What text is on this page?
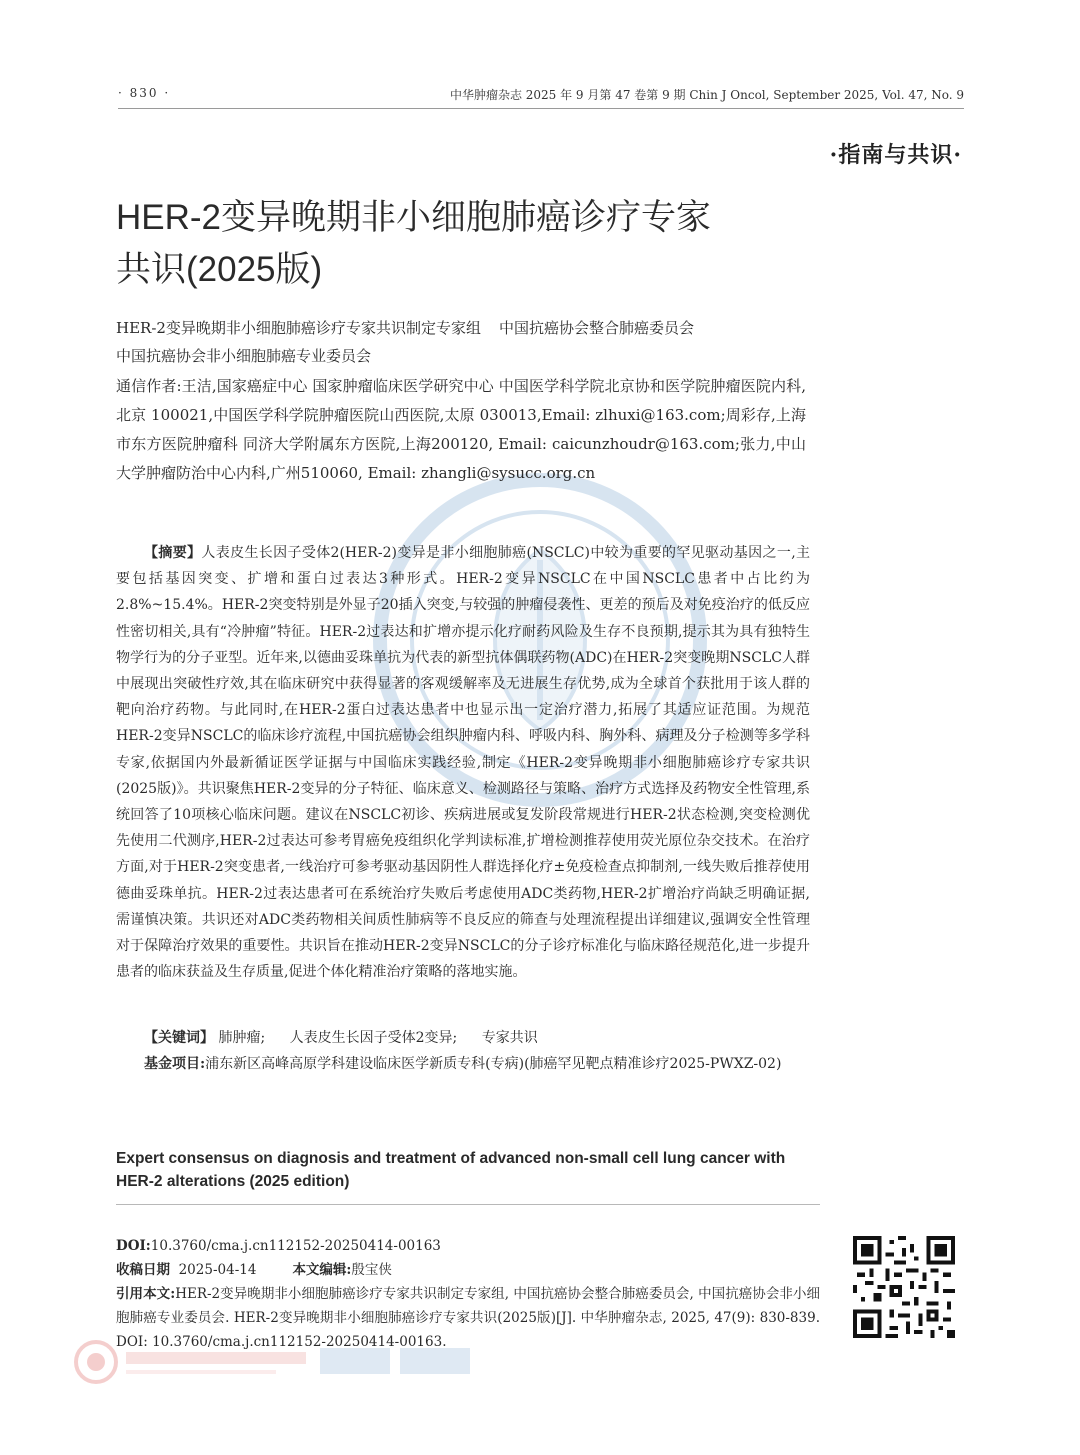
· 830 ·	中华肿瘤杂志 2025 年 9 月第 47 卷第 9 期 Chin J Oncol, September 2025, Vol. 47, No. 9
·指南与共识·
HER-2变异晚期非小细胞肺癌诊疗专家
共识(2025版)
HER-2变异晚期非小细胞肺癌诊疗专家共识制定专家组 中国抗癌协会整合肺癌委员会
中国抗癌协会非小细胞肺癌专业委员会
通信作者:王洁,国家癌症中心 国家肿瘤临床医学研究中心 中国医学科学院北京协和医学院肿瘤医院内科,北京 100021,中国医学科学院肿瘤医院山西医院,太原 030013,Email: zlhuxi@163.com;周彩存,上海市东方医院肿瘤科 同济大学附属东方医院,上海200120, Email: caicunzhoudr@163.com;张力,中山大学肿瘤防治中心内科,广州510060, Email: zhangli@sysucc.org.cn
【摘要】人表皮生长因子受体2(HER-2)变异是非小细胞肺癌(NSCLC)中较为重要的罕见驱动基因之一,主要包括基因突变、扩增和蛋白过表达3种形式。HER-2变异NSCLC在中国NSCLC患者中占比约为2.8%~15.4%。HER-2突变特别是外显子20插入突变,与较强的肿瘤侵袭性、更差的预后及对免疫治疗的低反应性密切相关,具有“冷肿瘤”特征。HER-2过表达和扩增亦提示化疗耐药风险及生存不良预期,提示其为具有独特生物学行为的分子亚型。近年来,以德曲妥珠单抗为代表的新型抗体偶联药物(ADC)在HER-2突变晚期NSCLC人群中展现出突破性疗效,其在临床研究中获得显著的客观缓解率及无进展生存优势,成为全球首个获批用于该人群的靶向治疗药物。与此同时,在HER-2蛋白过表达患者中也显示出一定治疗潜力,拓展了其适应证范围。为规范HER-2变异NSCLC的临床诊疗流程,中国抗癌协会组织肿瘤内科、呼吸内科、胸外科、病理及分子检测等多学科专家,依据国内外最新循证医学证据与中国临床实践经验,制定《HER-2变异晚期非小细胞肺癌诊疗专家共识(2025版)》。共识聚焦HER-2变异的分子特征、临床意义、检测路径与策略、治疗方式选择及药物安全性管理,系统回答了10项核心临床问题。建议在NSCLC初诊、疾病进展或复发阶段常规进行HER-2状态检测,突变检测优先使用二代测序,HER-2过表达可参考胃癌免疫组织化学判读标准,扩增检测推荐使用荧光原位杂交技术。在治疗方面,对于HER-2突变患者,一线治疗可参考驱动基因阴性人群选择化疗±免疫检查点抑制剂,一线失败后推荐使用德曲妥珠单抗。HER-2过表达患者可在系统治疗失败后考虑使用ADC类药物,HER-2扩增治疗尚缺乏明确证据,需谨慎决策。共识还对ADC类药物相关间质性肺病等不良反应的筛查与处理流程提出详细建议,强调安全性管理对于保障治疗效果的重要性。共识旨在推动HER-2变异NSCLC的分子诊疗标准化与临床路径规范化,进一步提升患者的临床获益及生存质量,促进个体化精准治疗策略的落地实施。
【关键词】 肺肿瘤; 人表皮生长因子受体2变异; 专家共识
基金项目:浦东新区高峰高原学科建设临床医学新质专科(专病)(肺癌罕见靶点精准诊疗2025-PWXZ-02)
Expert consensus on diagnosis and treatment of advanced non-small cell lung cancer with HER-2 alterations (2025 edition)
DOI:10.3760/cma.j.cn112152-20250414-00163
收稿日期 2025-04-14	本文编辑:殷宝侠
引用本文:HER-2变异晚期非小细胞肺癌诊疗专家共识制定专家组, 中国抗癌协会整合肺癌委员会, 中国抗癌协会非小细胞肺癌专业委员会. HER-2变异晚期非小细胞肺癌诊疗专家共识(2025版)[J]. 中华肿瘤杂志, 2025, 47(9): 830-839. DOI: 10.3760/cma.j.cn112152-20250414-00163.
